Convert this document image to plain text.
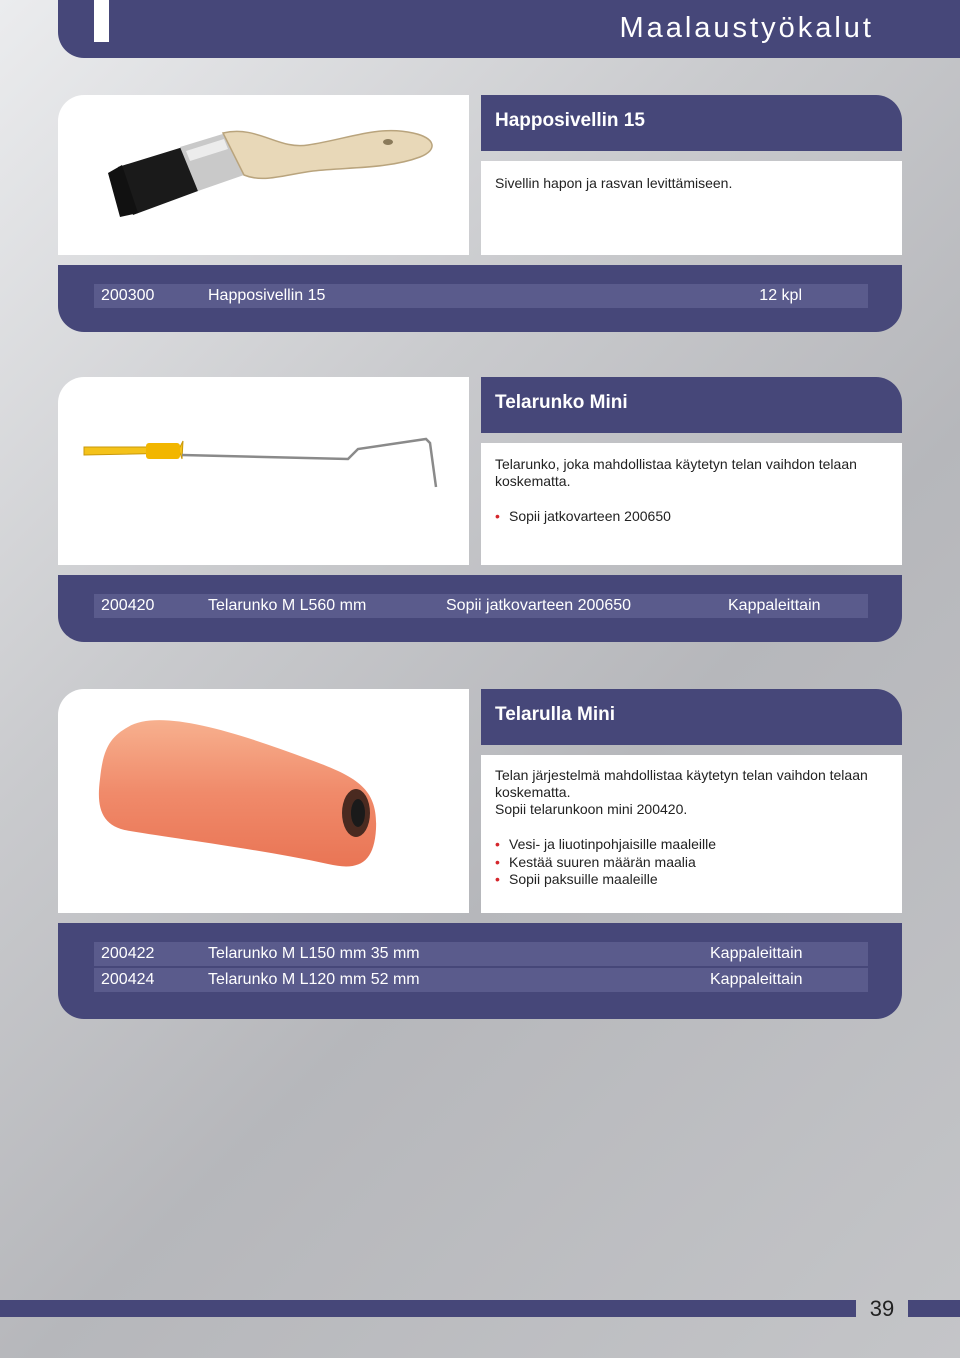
Maalaustyökalut
Happosivellin 15

Sivellin hapon ja rasvan levittämiseen.

200300	Happosivellin 15	12 kpl
Telarunko Mini

Telarunko, joka mahdollistaa käytetyn telan vaihdon telaan koskematta.

• Sopii jatkovarteen 200650
200420	Telarunko M L560 mm	Sopii jatkovarteen 200650	Kappaleittain
Telarulla Mini

Telan järjestelmä mahdollistaa käytetyn telan vaihdon telaan koskematta.

Sopii telarunkoon mini 200420.

• Vesi- ja liuotinpohjaisille maaleille
• Kestää suuren määrän maalia
• Sopii paksuille maaleille
200422	Telarunko M L150 mm 35 mm	Kappaleittain
200424	Telarunko M L120 mm 52 mm	Kappaleittain
39
